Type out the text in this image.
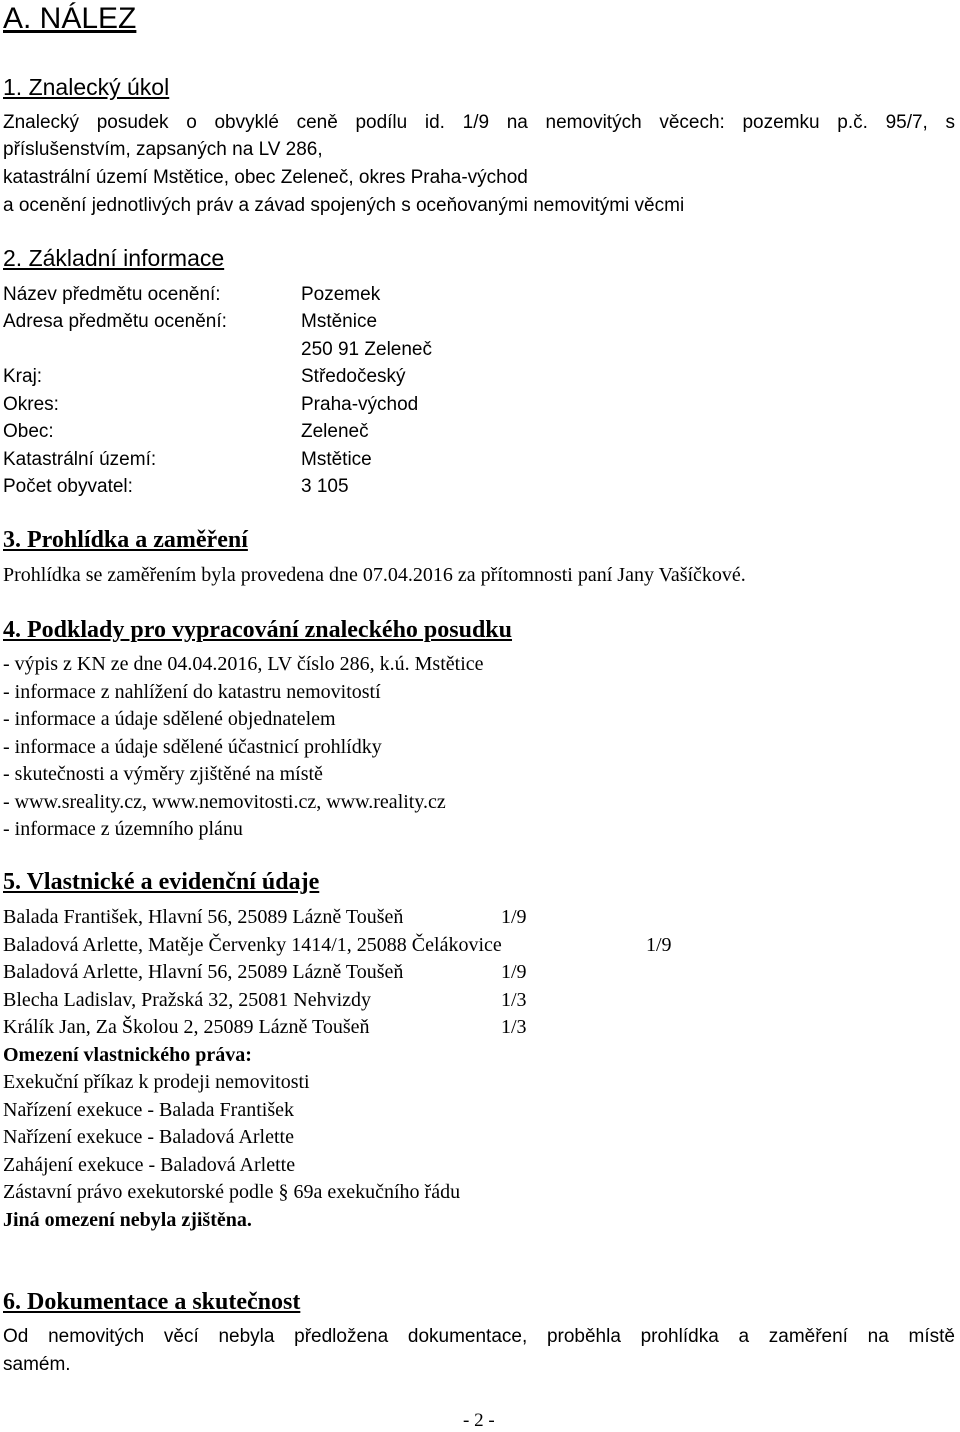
A. NÁLEZ
1. Znalecký úkol
Znalecký posudek o obvyklé ceně podílu id. 1/9 na nemovitých věcech: pozemku p.č. 95/7, s
příslušenstvím, zapsaných na LV 286,
katastrální území Mstětice, obec Zeleneč, okres Praha-východ
a ocenění jednotlivých práv a závad spojených s oceňovanými nemovitými věcmi
2. Základní informace
Název předmětu ocenění:	Pozemek
Adresa předmětu ocenění:	Mstěnice
250 91 Zeleneč
Kraj:	Středočeský
Okres:	Praha-východ
Obec:	Zeleneč
Katastrální území:	Mstětice
Počet obyvatel:	3 105
3. Prohlídka a zaměření
Prohlídka se zaměřením byla provedena dne 07.04.2016 za přítomnosti paní Jany Vašíčkové.
4. Podklady pro vypracování znaleckého posudku
- výpis z KN ze dne 04.04.2016, LV číslo 286, k.ú. Mstětice
- informace z nahlížení do katastru nemovitostí
- informace a údaje sdělené objednatelem
- informace a údaje sdělené účastnicí prohlídky
- skutečnosti a výměry zjištěné na místě
- www.sreality.cz, www.nemovitosti.cz, www.reality.cz
- informace z územního plánu
5. Vlastnické a evidenční údaje
Balada František, Hlavní 56, 25089 Lázně Toušeň	1/9
Baladová Arlette, Matěje Červenky 1414/1, 25088 Čelákovice	1/9
Baladová Arlette, Hlavní 56, 25089 Lázně Toušeň	1/9
Blecha Ladislav, Pražská 32, 25081 Nehvizdy	1/3
Králík Jan, Za Školou 2, 25089 Lázně Toušeň	1/3
Omezení vlastnického práva:
Exekuční příkaz k prodeji nemovitosti
Nařízení exekuce - Balada František
Nařízení exekuce - Baladová Arlette
Zahájení exekuce - Baladová Arlette
Zástavní právo exekutorské podle § 69a exekučního řádu
Jiná omezení nebyla zjištěna.
6. Dokumentace a skutečnost
Od nemovitých věcí nebyla předložena dokumentace, proběhla prohlídka a zaměření na místě
samém.
- 2 -
